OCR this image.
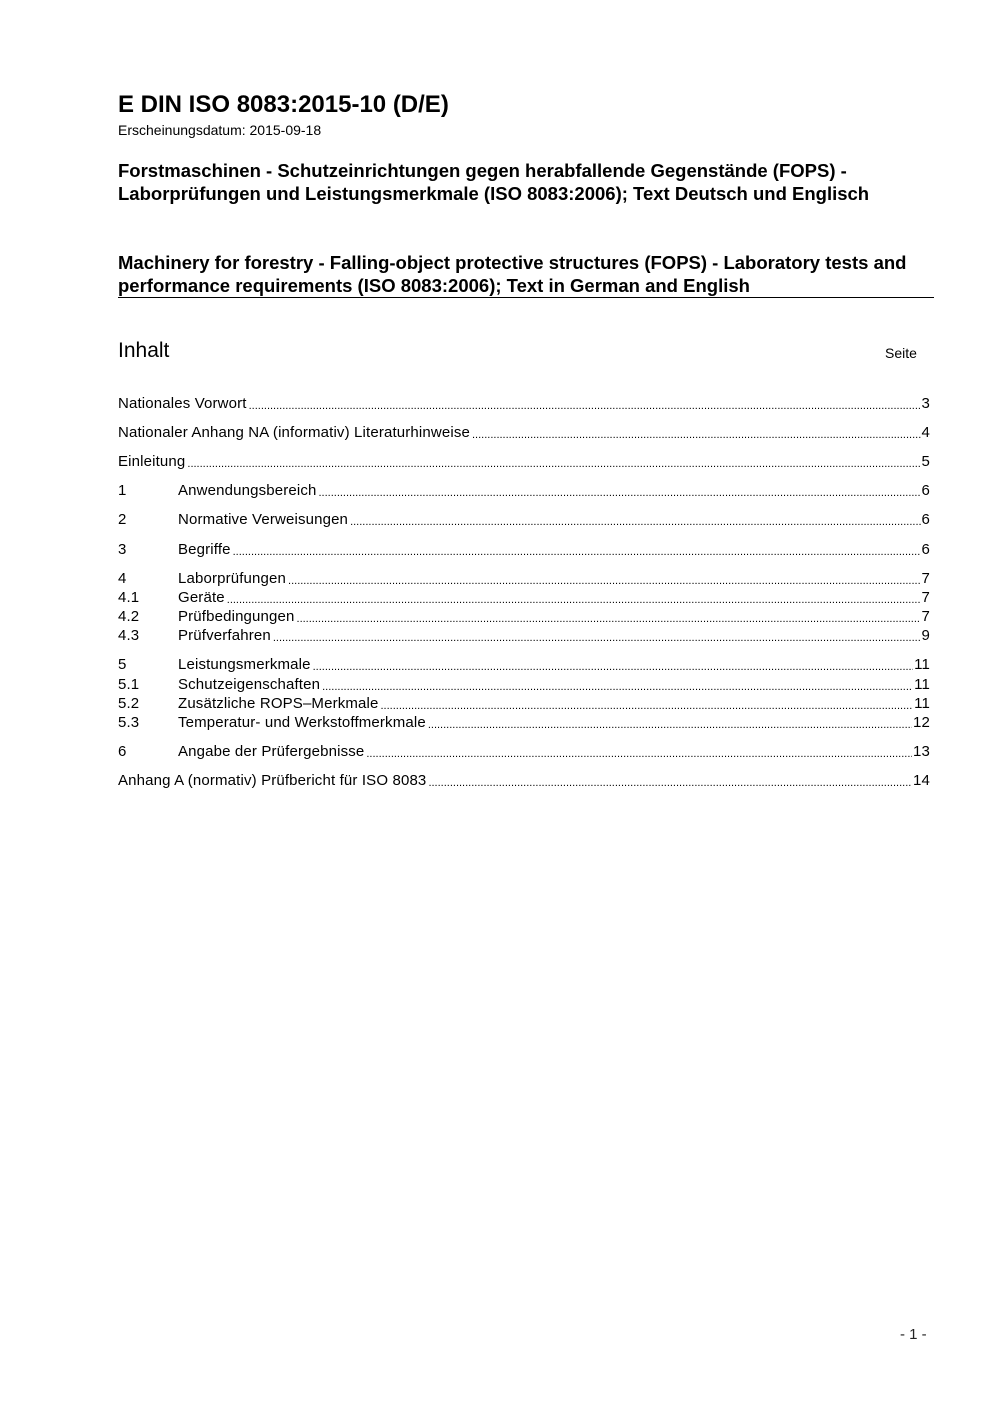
E DIN ISO 8083:2015-10 (D/E)
Erscheinungsdatum: 2015-09-18
Forstmaschinen - Schutzeinrichtungen gegen herabfallende Gegenstände (FOPS) - Laborprüfungen und Leistungsmerkmale (ISO 8083:2006); Text Deutsch und Englisch
Machinery for forestry - Falling-object protective structures (FOPS) - Laboratory tests and performance requirements (ISO 8083:2006); Text in German and English
Inhalt	Seite
Nationales Vorwort .....	3
Nationaler Anhang NA (informativ) Literaturhinweise .....	4
Einleitung .....	5
1	Anwendungsbereich .....	6
2	Normative Verweisungen .....	6
3	Begriffe .....	6
4	Laborprüfungen .....	7
4.1	Geräte .....	7
4.2	Prüfbedingungen .....	7
4.3	Prüfverfahren .....	9
5	Leistungsmerkmale .....	11
5.1	Schutzeigenschaften .....	11
5.2	Zusätzliche ROPS–Merkmale .....	11
5.3	Temperatur- und Werkstoffmerkmale .....	12
6	Angabe der Prüfergebnisse .....	13
Anhang A (normativ) Prüfbericht für ISO 8083 .....	14
- 1 -
